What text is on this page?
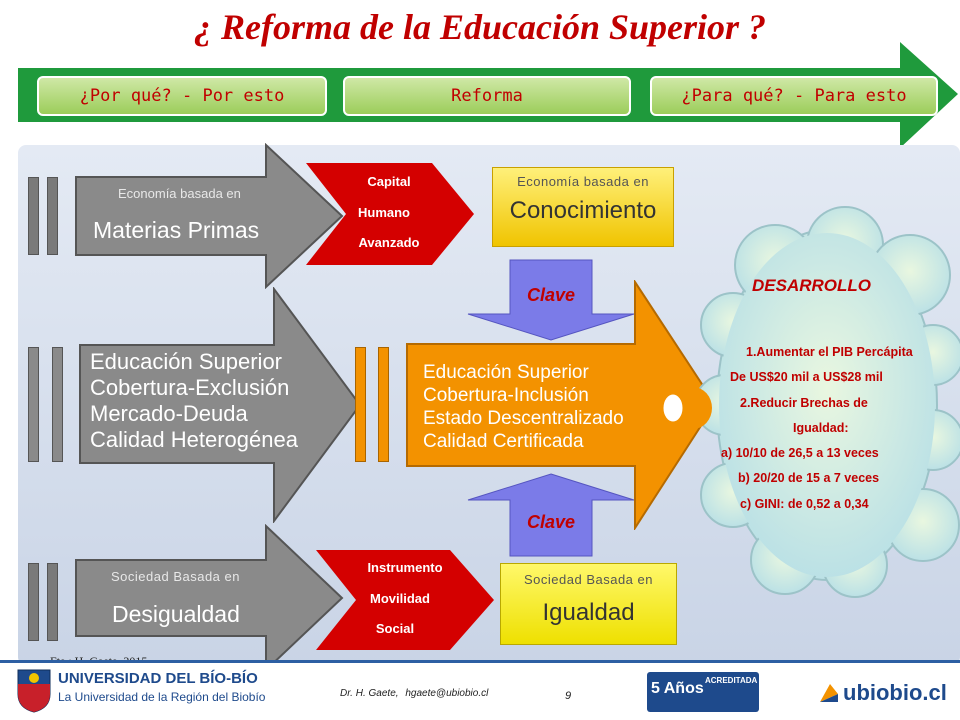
¿ Reforma de la Educación Superior ?
¿Por qué? - Por esto	Reforma	¿Para qué? - Para esto
Economía basada en
Materias Primas
Capital
Humano
Avanzado
Economía basada en
Conocimiento
Clave
Educación Superior
Cobertura-Exclusión
Mercado-Deuda
Calidad Heterogénea
Educación Superior
Cobertura-Inclusión
Estado Descentralizado
Calidad Certificada
Clave
Sociedad Basada en
Desigualdad
Instrumento
Movilidad
Social
Sociedad Basada en
Igualdad
DESARROLLO
1.Aumentar el PIB Percápita
De US$20 mil a US$28 mil
2.Reducir Brechas de
Igualdad:
a) 10/10 de 26,5 a 13 veces
b) 20/20 de 15 a 7 veces
c) GINI: de 0,52 a 0,34
UNIVERSIDAD DEL BÍO-BÍO
La Universidad de la Región del Biobío	Dr. H. Gaete, hgaete@ubiobio.cl	9	5 Años ACREDITADA	ubiobio.cl
